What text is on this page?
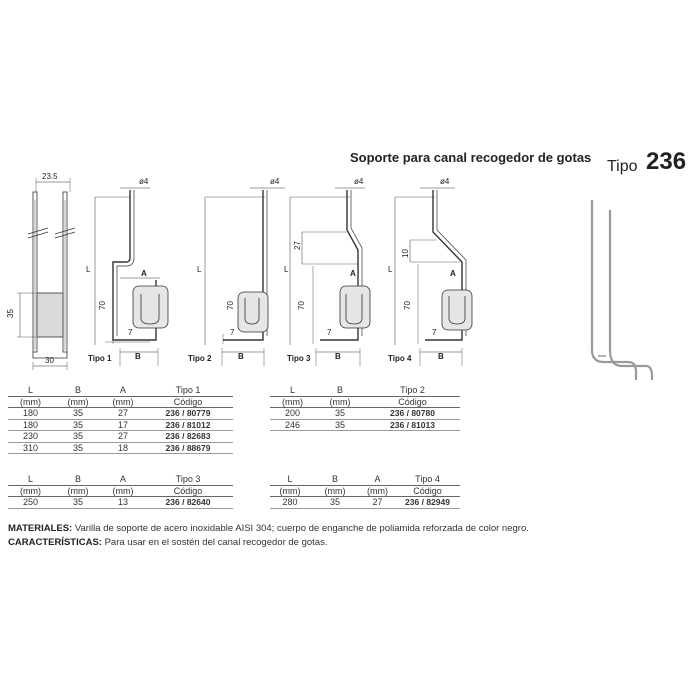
Soporte para canal recogedor de gotas
Tipo 236
23.5
35
30
ø4
L	A
70
7
B
Tipo 1
ø4
L
70
7
B
Tipo 2
ø4
L
27
A
70
7
B
Tipo 3
ø4
L
10
A
70
7
B
Tipo 4
L	B	A	Tipo 1
(mm)	(mm)	(mm)	Código
180	35	27	236 / 80779
180	35	17	236 / 81012
230	35	27	236 / 82683
310	35	18	236 / 88679
L	B	A	Tipo 3
(mm)	(mm)	(mm)	Código
250	35	13	236 / 82640
L	B	Tipo 2
(mm)	(mm)	Código
200	35	236 / 80780
246	35	236 / 81013
L	B	A	Tipo 4
(mm)	(mm)	(mm)	Código
280	35	27	236 / 82949
MATERIALES: Varilla de soporte de acero inoxidable AISI 304; cuerpo de enganche de poliamida reforzada de color negro.
CARACTERÍSTICAS: Para usar en el sostén del canal recogedor de gotas.
